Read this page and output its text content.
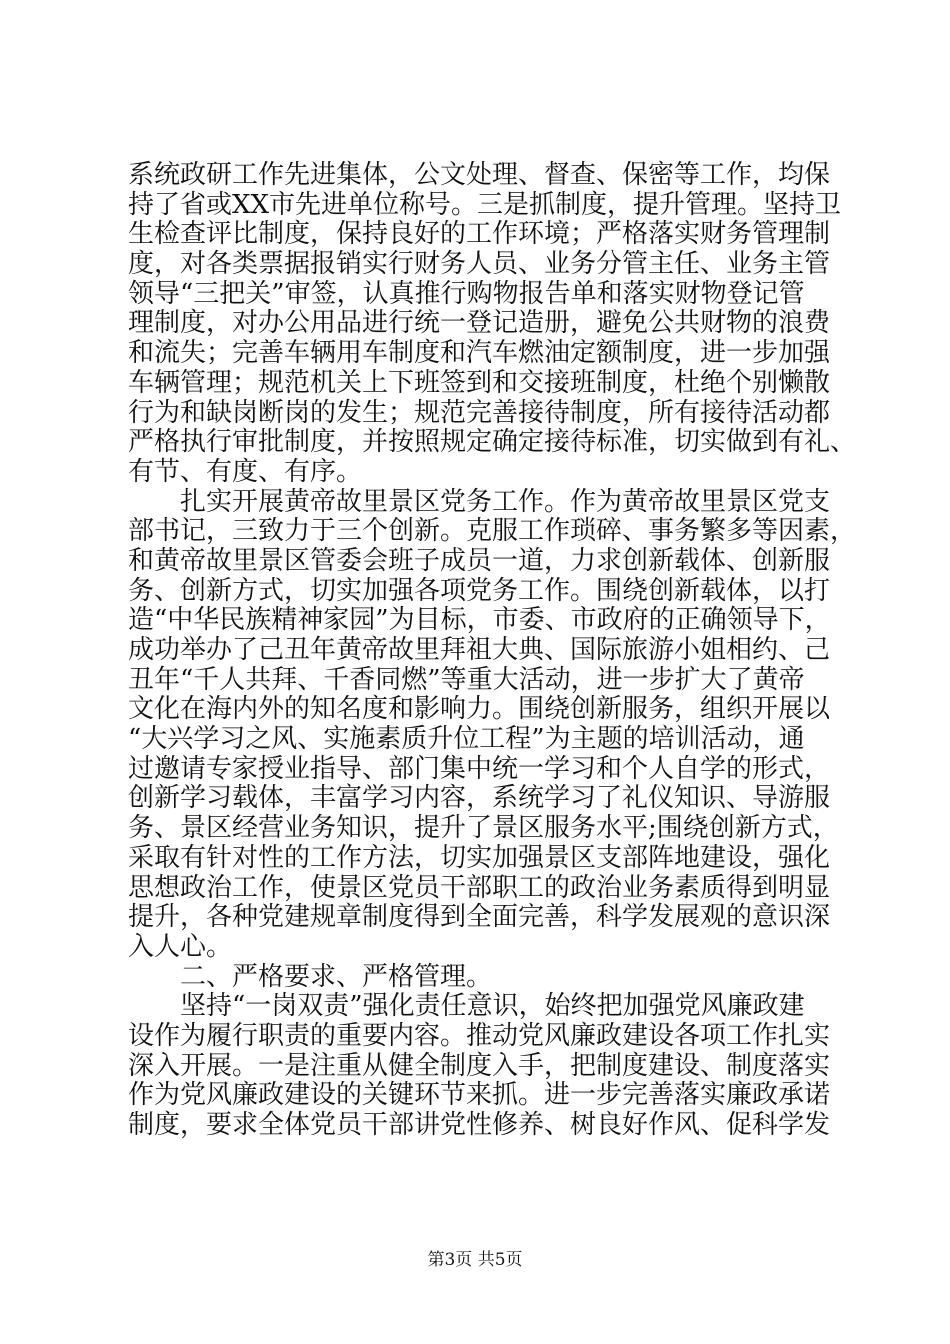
系统政研工作先进集体，公文处理、督查、保密等工作，均保
持了省或XX市先进单位称号。三是抓制度，提升管理。坚持卫
生检查评比制度，保持良好的工作环境；严格落实财务管理制
度，对各类票据报销实行财务人员、业务分管主任、业务主管
领导“三把关”审签，认真推行购物报告单和落实财物登记管
理制度，对办公用品进行统一登记造册，避免公共财物的浪费
和流失；完善车辆用车制度和汽车燃油定额制度，进一步加强
车辆管理；规范机关上下班签到和交接班制度，杜绝个别懒散
行为和缺岗断岗的发生；规范完善接待制度，所有接待活动都
严格执行审批制度，并按照规定确定接待标准，切实做到有礼、
有节、有度、有序。
　　扎实开展黄帝故里景区党务工作。作为黄帝故里景区党支
部书记，三致力于三个创新。克服工作琐碎、事务繁多等因素，
和黄帝故里景区管委会班子成员一道，力求创新载体、创新服
务、创新方式，切实加强各项党务工作。围绕创新载体，以打
造“中华民族精神家园”为目标，市委、市政府的正确领导下，
成功举办了己丑年黄帝故里拜祖大典、国际旅游小姐相约、己
丑年“千人共拜、千香同燃”等重大活动，进一步扩大了黄帝
文化在海内外的知名度和影响力。围绕创新服务，组织开展以
“大兴学习之风、实施素质升位工程”为主题的培训活动，通
过邀请专家授业指导、部门集中统一学习和个人自学的形式，
创新学习载体，丰富学习内容，系统学习了礼仪知识、导游服
务、景区经营业务知识，提升了景区服务水平;围绕创新方式，
采取有针对性的工作方法，切实加强景区支部阵地建设，强化
思想政治工作，使景区党员干部职工的政治业务素质得到明显
提升，各种党建规章制度得到全面完善，科学发展观的意识深
入人心。
　　二、严格要求、严格管理。
　　坚持“一岗双责”强化责任意识，始终把加强党风廉政建
设作为履行职责的重要内容。推动党风廉政建设各项工作扎实
深入开展。一是注重从健全制度入手，把制度建设、制度落实
作为党风廉政建设的关键环节来抓。进一步完善落实廉政承诺
制度，要求全体党员干部讲党性修养、树良好作风、促科学发
第3页 共5页
